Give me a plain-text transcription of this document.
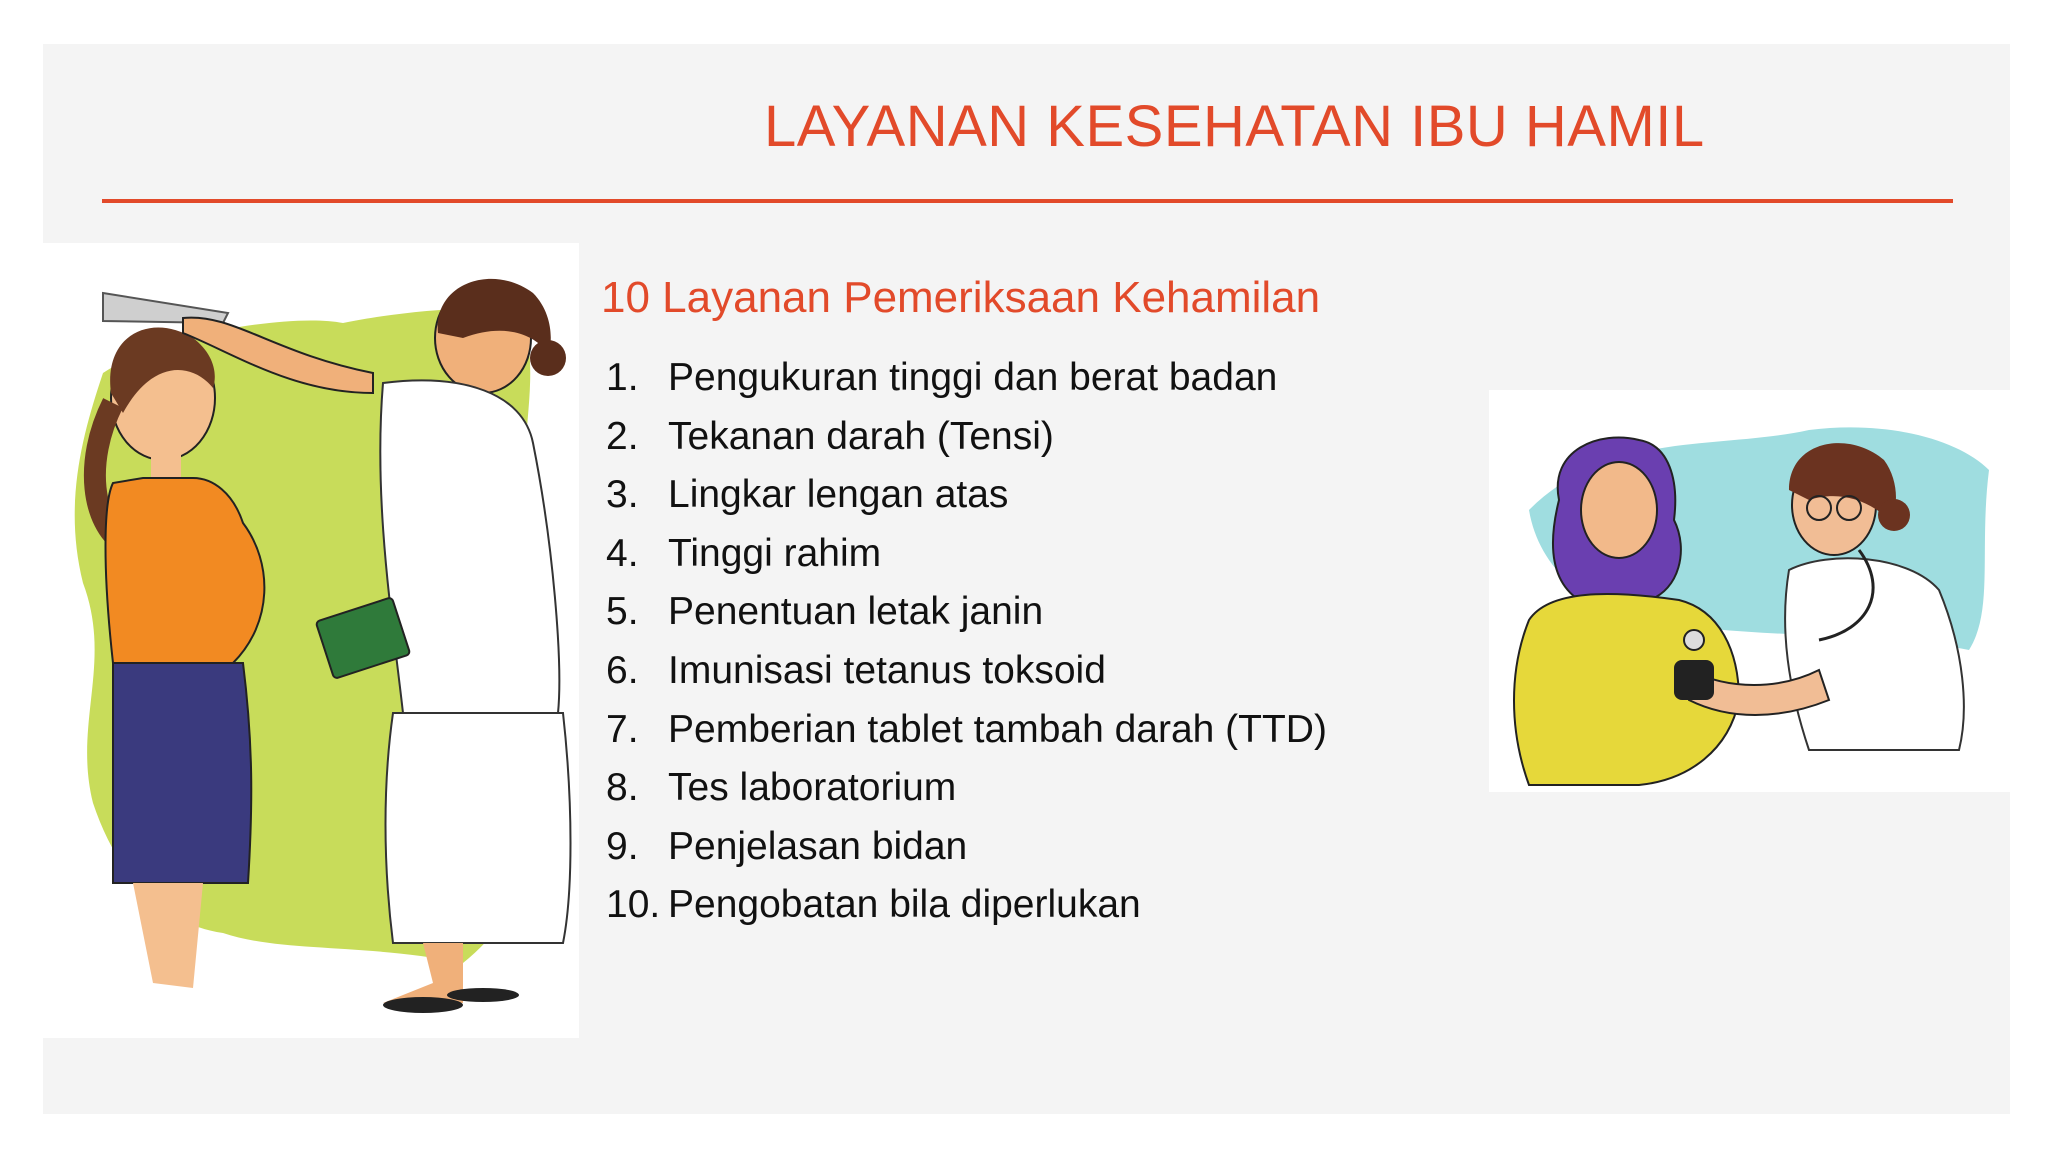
LAYANAN KESEHATAN IBU HAMIL
10 Layanan Pemeriksaan Kehamilan
1. Pengukuran tinggi dan berat badan
2. Tekanan darah (Tensi)
3. Lingkar lengan atas
4. Tinggi rahim
5. Penentuan letak janin
6. Imunisasi tetanus toksoid
7. Pemberian tablet tambah darah (TTD)
8. Tes laboratorium
9. Penjelasan bidan
10. Pengobatan bila diperlukan
